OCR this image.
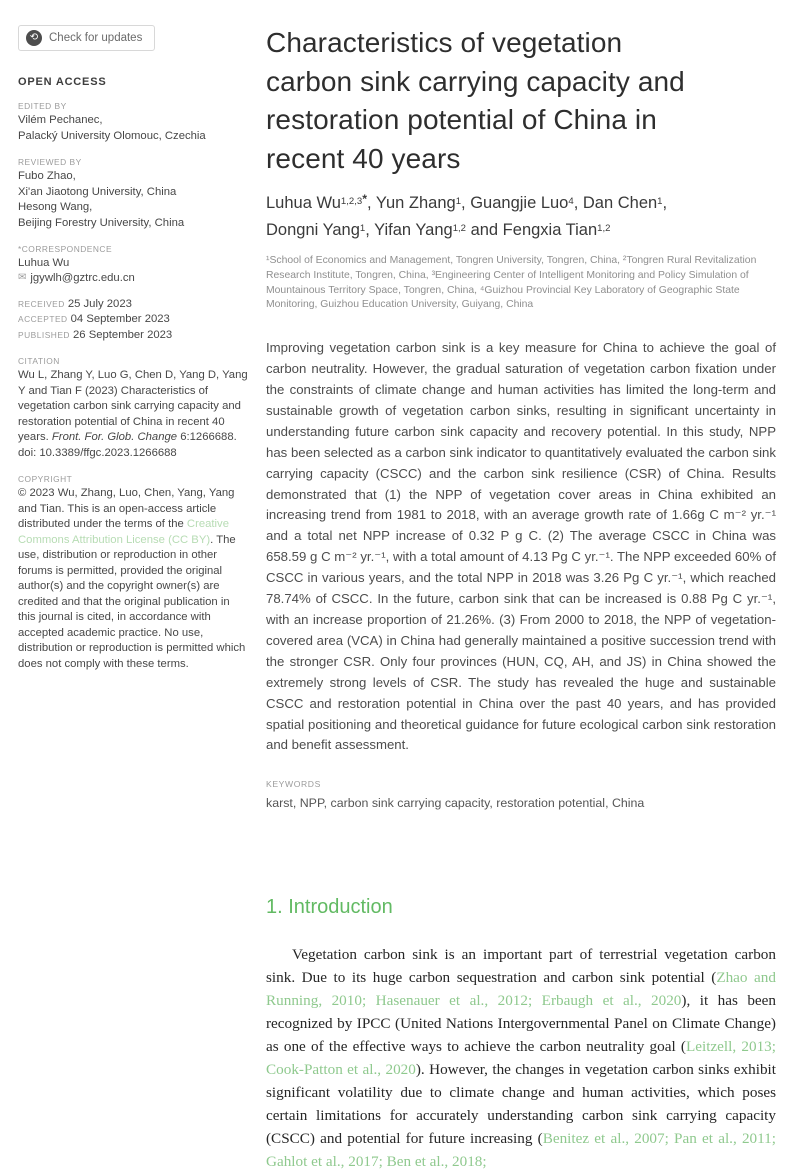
⟲ Check for updates
OPEN ACCESS
EDITED BY
Vilém Pechanec,
Palacký University Olomouc, Czechia
REVIEWED BY
Fubo Zhao,
Xi'an Jiaotong University, China
Hesong Wang,
Beijing Forestry University, China
*CORRESPONDENCE
Luhua Wu
✉ jgywlh@gztrc.edu.cn
RECEIVED 25 July 2023
ACCEPTED 04 September 2023
PUBLISHED 26 September 2023
CITATION
Wu L, Zhang Y, Luo G, Chen D, Yang D, Yang Y and Tian F (2023) Characteristics of vegetation carbon sink carrying capacity and restoration potential of China in recent 40 years. Front. For. Glob. Change 6:1266688. doi: 10.3389/ffgc.2023.1266688
COPYRIGHT
© 2023 Wu, Zhang, Luo, Chen, Yang, Yang and Tian. This is an open-access article distributed under the terms of the Creative Commons Attribution License (CC BY). The use, distribution or reproduction in other forums is permitted, provided the original author(s) and the copyright owner(s) are credited and that the original publication in this journal is cited, in accordance with accepted academic practice. No use, distribution or reproduction is permitted which does not comply with these terms.
Characteristics of vegetation
carbon sink carrying capacity and
restoration potential of China in
recent 40 years
Luhua $Wu^{1,2,3*}$, Yun Zhang$^1$, Guangjie Luo$^4$, Dan Chen$^1$,
Dongni Yang$^1$, Yifan Yang$^{1,2}$ and Fengxia Tian$^{1,2}$
¹School of Economics and Management, Tongren University, Tongren, China, ²Tongren Rural Revitalization Research Institute, Tongren, China, ³Engineering Center of Intelligent Monitoring and Policy Simulation of Mountainous Territory Space, Tongren, China, ⁴Guizhou Provincial Key Laboratory of Geographic State Monitoring, Guizhou Education University, Guiyang, China
Improving vegetation carbon sink is a key measure for China to achieve the goal of carbon neutrality. However, the gradual saturation of vegetation carbon fixation under the constraints of climate change and human activities has limited the long-term and sustainable growth of vegetation carbon sinks, resulting in significant uncertainty in understanding future carbon sink capacity and recovery potential. In this study, NPP has been selected as a carbon sink indicator to quantitatively evaluated the carbon sink carrying capacity (CSCC) and the carbon sink resilience (CSR) of China. Results demonstrated that (1) the NPP of vegetation cover areas in China exhibited an increasing trend from 1981 to 2018, with an average growth rate of 1.66g C m⁻² yr.⁻¹ and a total net NPP increase of 0.32 P g C. (2) The average CSCC in China was 658.59 g C m⁻² yr.⁻¹, with a total amount of 4.13 Pg C yr.⁻¹. The NPP exceeded 60% of CSCC in various years, and the total NPP in 2018 was 3.26 Pg C yr.⁻¹, which reached 78.74% of CSCC. In the future, carbon sink that can be increased is 0.88 Pg C yr.⁻¹, with an increase proportion of 21.26%. (3) From 2000 to 2018, the NPP of vegetation-covered area (VCA) in China had generally maintained a positive succession trend with the stronger CSR. Only four provinces (HUN, CQ, AH, and JS) in China showed the extremely strong levels of CSR. The study has revealed the huge and sustainable CSCC and restoration potential in China over the past 40 years, and has provided spatial positioning and theoretical guidance for future ecological carbon sink restoration and benefit assessment.
KEYWORDS
karst, NPP, carbon sink carrying capacity, restoration potential, China
1. Introduction
Vegetation carbon sink is an important part of terrestrial vegetation carbon sink. Due to its huge carbon sequestration and carbon sink potential (Zhao and Running, 2010; Hasenauer et al., 2012; Erbaugh et al., 2020), it has been recognized by IPCC (United Nations Intergovernmental Panel on Climate Change) as one of the effective ways to achieve the carbon neutrality goal (Leitzell, 2013; Cook-Patton et al., 2020). However, the changes in vegetation carbon sinks exhibit significant volatility due to climate change and human activities, which poses certain limitations for accurately understanding carbon sink carrying capacity (CSCC) and potential for future increasing (Benitez et al., 2007; Pan et al., 2011; Gahlot et al., 2017; Ben et al., 2018;
